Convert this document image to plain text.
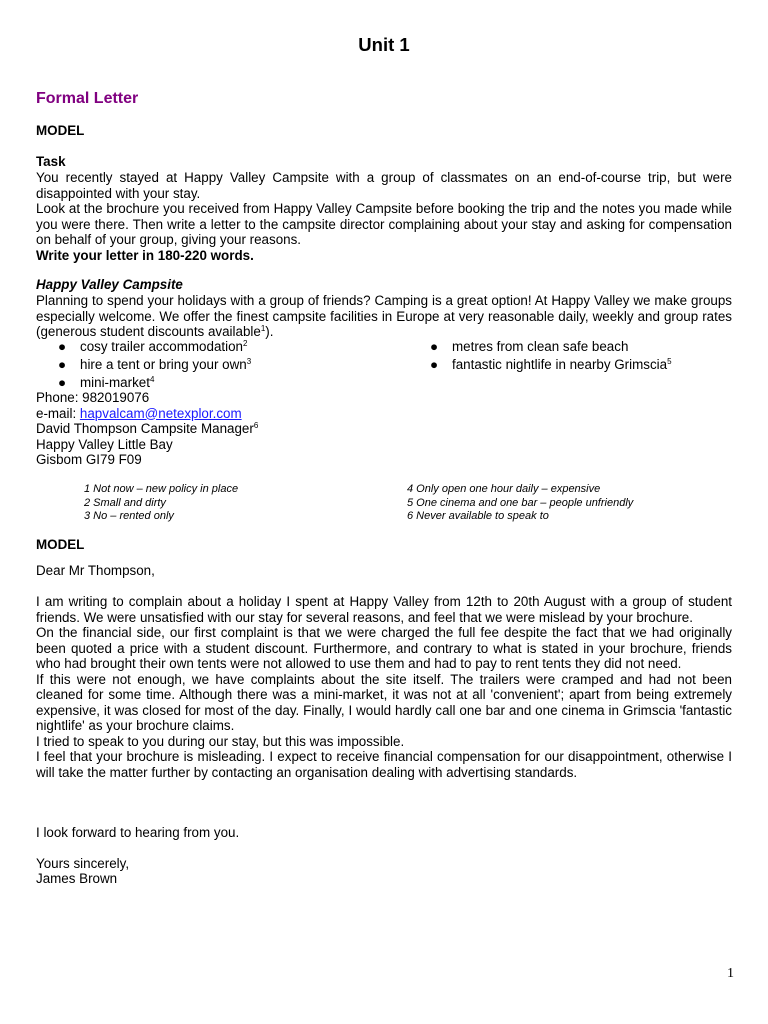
Unit 1
Formal Letter
MODEL
Task

You recently stayed at Happy Valley Campsite with a group of classmates on an end-of-course trip, but were disappointed with your stay.

Look at the brochure you received from Happy Valley Campsite before booking the trip and the notes you made while you were there. Then write a letter to the campsite director complaining about your stay and asking for compensation on behalf of your group, giving your reasons.

Write your letter in 180-220 words.

Happy Valley Campsite
Planning to spend your holidays with a group of friends? Camping is a great option! At Happy Valley we make groups especially welcome. We offer the finest campsite facilities in Europe at very reasonable daily, weekly and group rates (generous student discounts available$^1$).
● cosy trailer accommodation$^2$
● hire a tent or bring your own$^3$
● mini-market$^4$
● metres from clean safe beach
● fantastic nightlife in nearby Grimscia$^5$

Phone: 982019076

e-mail: hapvalcam@netexplor.com

David Thompson Campsite Manager$^6$

Happy Valley Little Bay

Gisbom GI79 F09

1 Not now – new policy in place

2 Small and dirty

3 No – rented only

4 Only open one hour daily – expensive

5 One cinema and one bar – people unfriendly

6 Never available to speak to

MODEL
Dear Mr Thompson,

I am writing to complain about a holiday I spent at Happy Valley from 12th to 20th August with a group of student friends. We were unsatisfied with our stay for several reasons, and feel that we were mislead by your brochure.

On the financial side, our first complaint is that we were charged the full fee despite the fact that we had originally been quoted a price with a student discount. Furthermore, and contrary to what is stated in your brochure, friends who had brought their own tents were not allowed to use them and had to pay to rent tents they did not need.

If this were not enough, we have complaints about the site itself. The trailers were cramped and had not been cleaned for some time. Although there was a mini-market, it was not at all 'convenient'; apart from being extremely expensive, it was closed for most of the day. Finally, I would hardly call one bar and one cinema in Grimscia 'fantastic nightlife' as your brochure claims.

I tried to speak to you during our stay, but this was impossible.

I feel that your brochure is misleading. I expect to receive financial compensation for our disappointment, otherwise I will take the matter further by contacting an organisation dealing with advertising standards.

I look forward to hearing from you.
Yours sincerely,
James Brown
1
